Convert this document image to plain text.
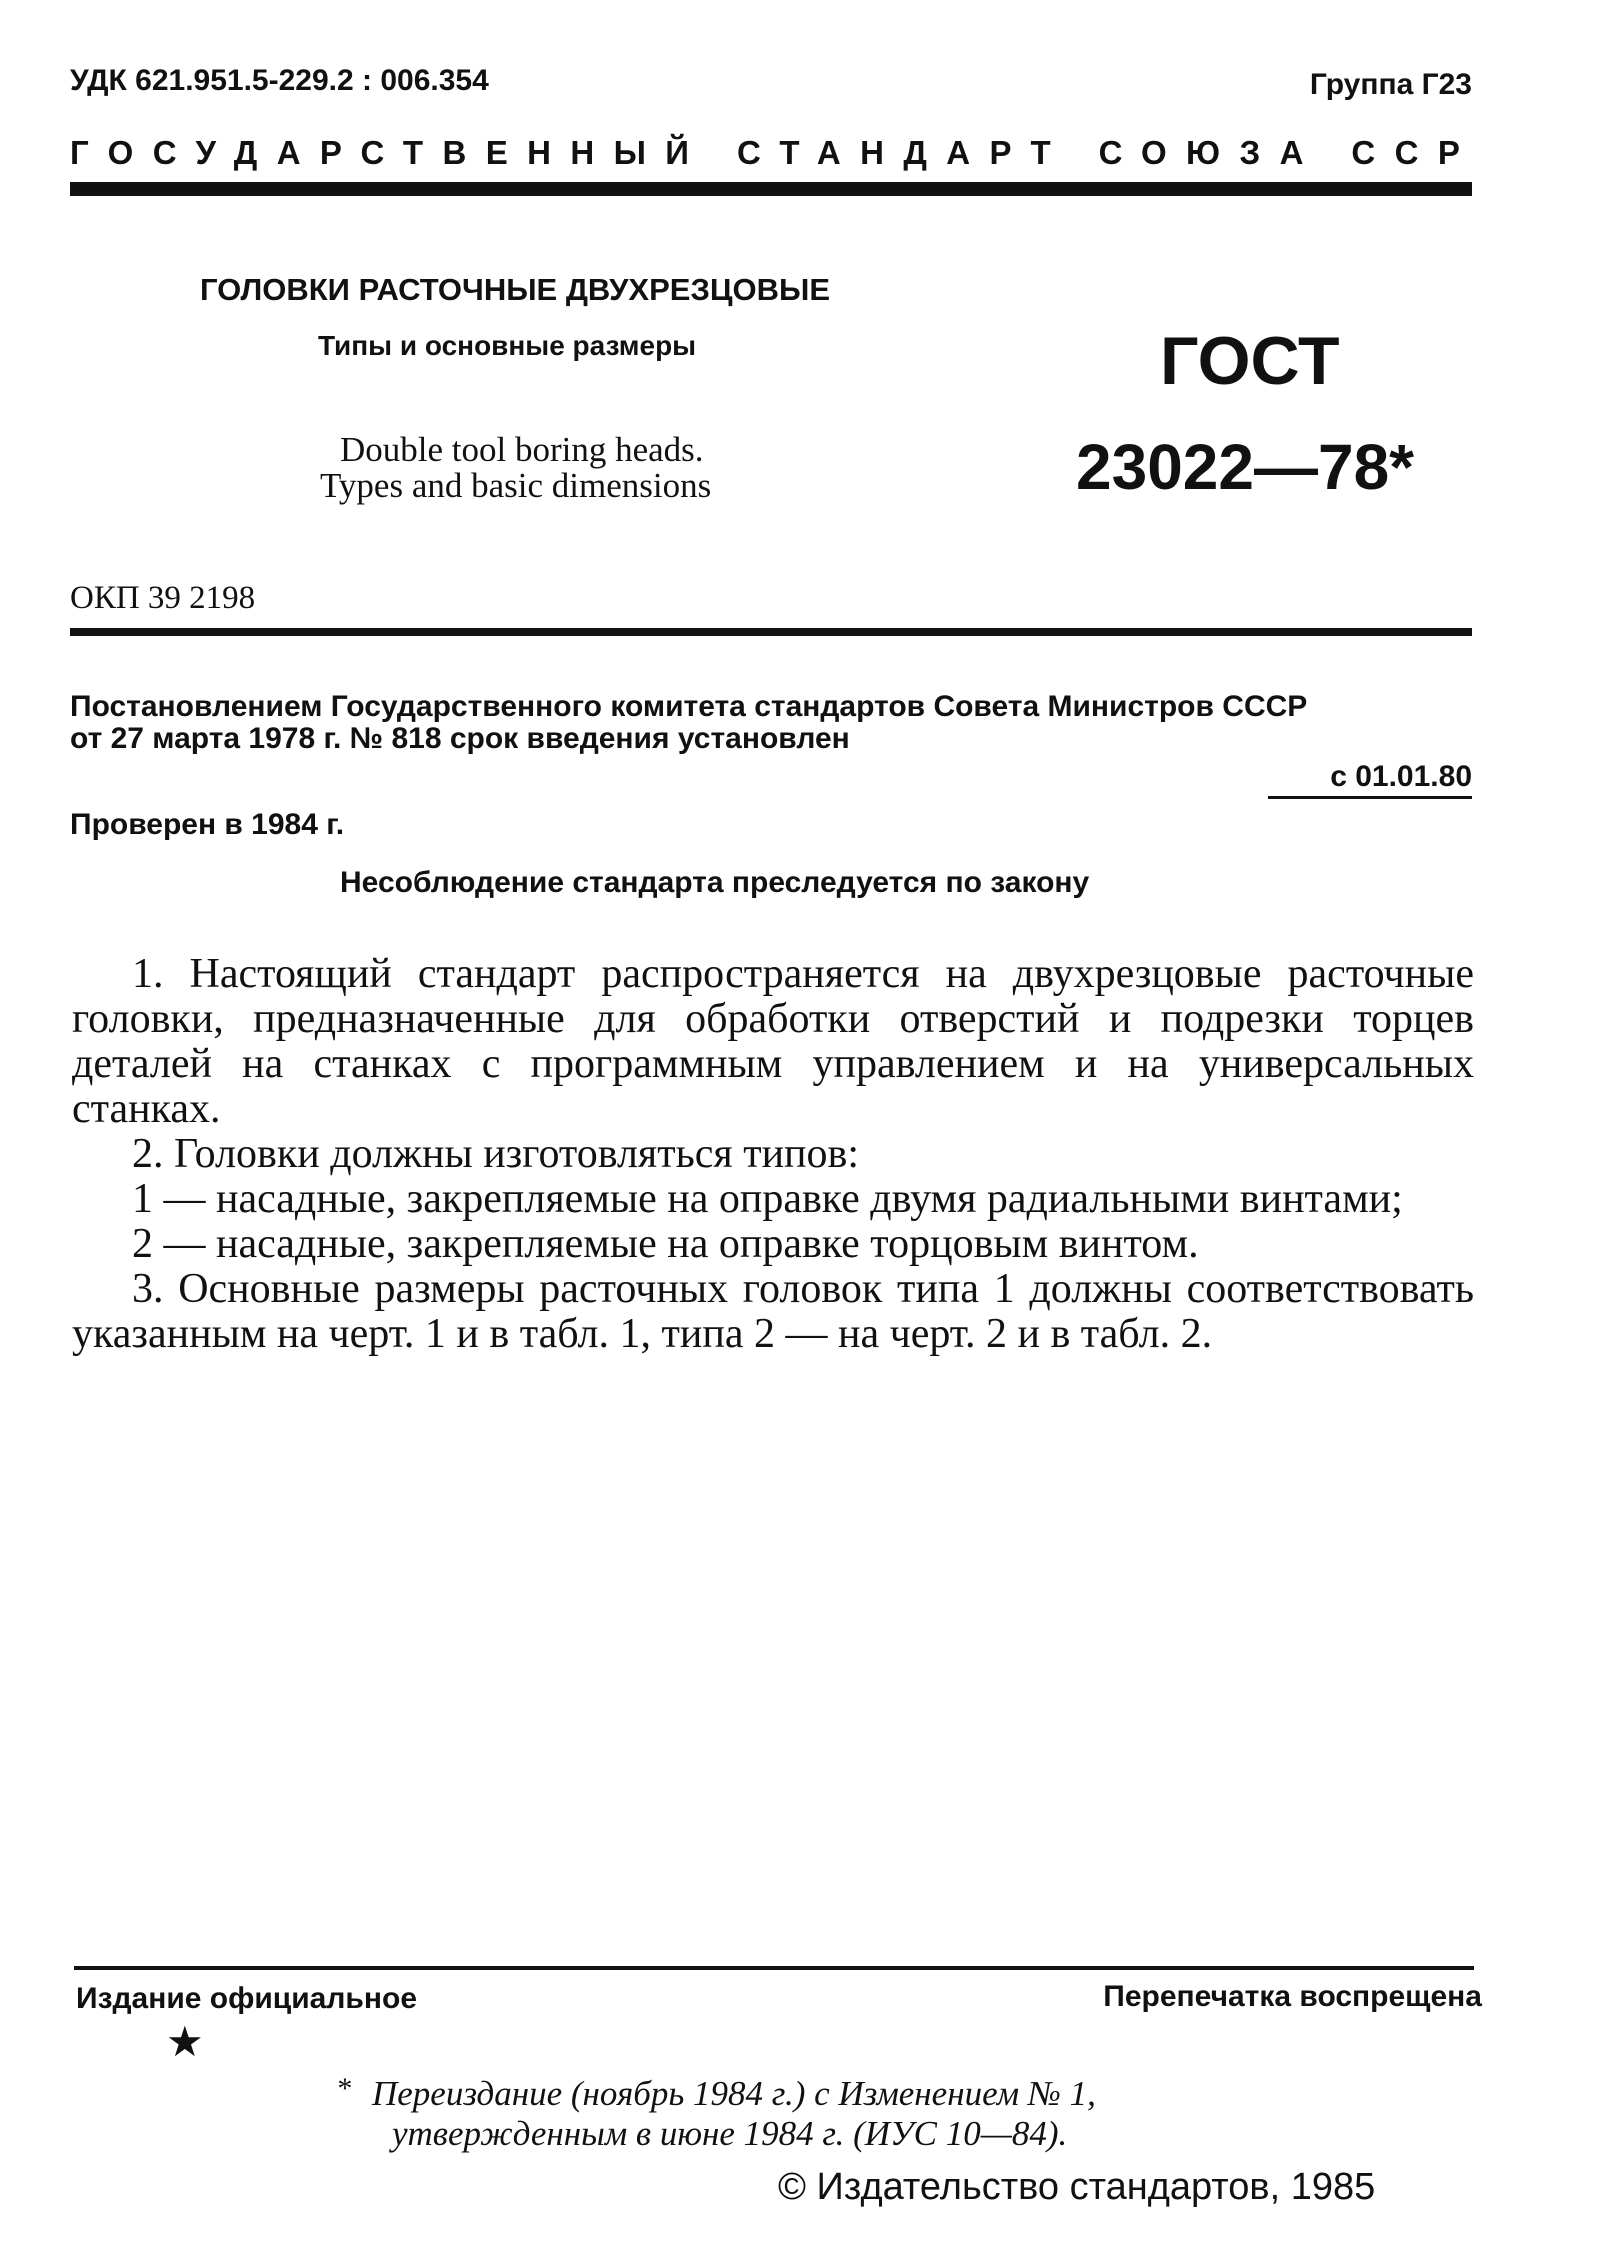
УДК 621.951.5-229.2 : 006.354	Группа Г23
ГОСУДАРСТВЕННЫЙ СТАНДАРТ СОЮЗА ССР
ГОЛОВКИ РАСТОЧНЫЕ ДВУХРЕЗЦОВЫЕ
Типы и основные размеры
Double tool boring heads.
Types and basic dimensions
ГОСТ
23022—78*
ОКП 39 2198
Постановлением Государственного комитета стандартов Совета Министров СССР
от 27 марта 1978 г. № 818 срок введения установлен
с 01.01.80
Проверен в 1984 г.
Несоблюдение стандарта преследуется по закону

1. Настоящий стандарт распространяется на двухрезцовые расточные головки, предназначенные для обработки отверстий и подрезки торцев деталей на станках с программным управлением и на универсальных станках.

2. Головки должны изготовляться типов:

1 — насадные, закрепляемые на оправке двумя радиальными винтами;

2 — насадные, закрепляемые на оправке торцовым винтом.

3. Основные размеры расточных головок типа 1 должны соответствовать указанным на черт. 1 и в табл. 1, типа 2 — на черт. 2 и в табл. 2.

Издание официальное	Перепечатка воспрещена
★
* Переиздание (ноябрь 1984 г.) с Изменением № 1,
утвержденным в июне 1984 г. (ИУС 10—84).
© Издательство стандартов, 1985
